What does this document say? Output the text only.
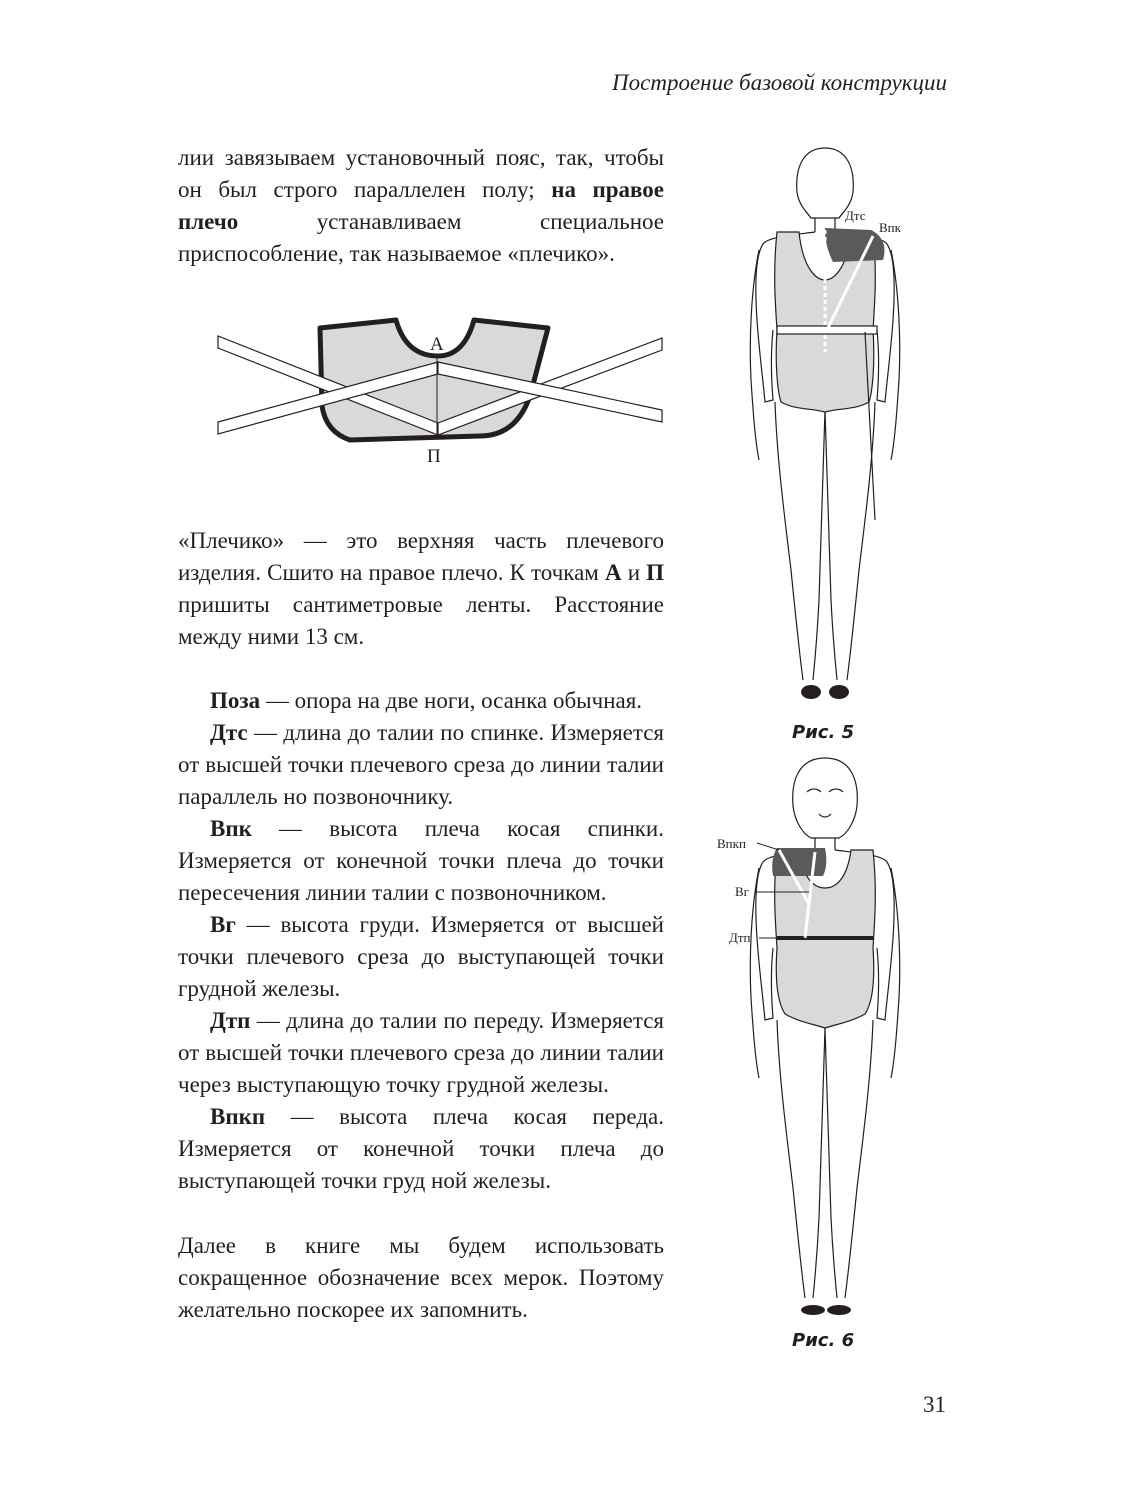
Построение базовой конструкции

лии завязываем установочный пояс, так, чтобы он был строго параллелен полу; на правое плечо устанавливаем специальное приспособление, так называемое «плечико».

А
П

«Плечико» — это верхняя часть плечевого изделия. Сшито на правое плечо. К точкам А и П пришиты сантиметровые ленты. Расстояние между ними 13 см.

Поза — опора на две ноги, осанка обычная.

Дтс — длина до талии по спинке. Измеряется от высшей точки плечевого среза до линии талии параллель но позвоночнику.

Впк — высота плеча косая спинки. Измеряется от конечной точки плеча до точки пересечения линии талии с позвоночником.

Вг — высота груди. Измеряется от высшей точки плечевого среза до выступающей точки грудной железы.

Дтп — длина до талии по переду. Измеряется от высшей точки плечевого среза до линии талии через выступающую точку грудной железы.

Впкп — высота плеча косая переда. Измеряется от конечной точки плеча до выступающей точки груд ной железы.

Далее в книге мы будем использовать сокращенное обозначение всех мерок. Поэтому желательно поскорее их запомнить.

Дтс
Впк
Рис. 5
Впкп
Вг
Дтп
Рис. 6
31
